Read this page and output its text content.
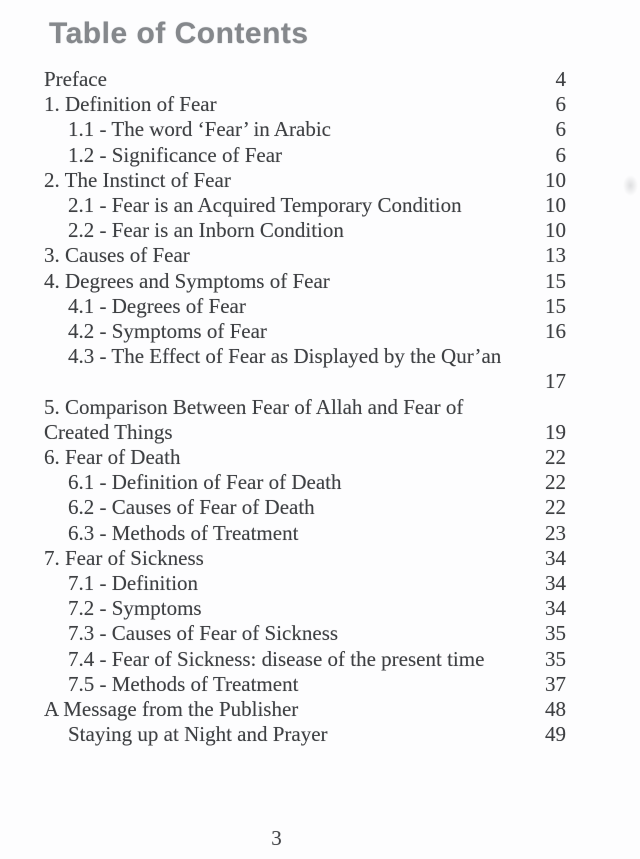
Table of Contents
Preface	4
1. Definition of Fear	6
1.1 - The word ‘Fear’ in Arabic	6
1.2 - Significance of Fear	6
2. The Instinct of Fear	10
2.1 - Fear is an Acquired Temporary Condition	10
2.2 - Fear is an Inborn Condition	10
3. Causes of Fear	13
4. Degrees and Symptoms of Fear	15
4.1 - Degrees of Fear	15
4.2 - Symptoms of Fear	16
4.3 - The Effect of Fear as Displayed by the Qur’an
17
5. Comparison Between Fear of Allah and Fear of
Created Things	19
6. Fear of Death	22
6.1 - Definition of Fear of Death	22
6.2 - Causes of Fear of Death	22
6.3 - Methods of Treatment	23
7. Fear of Sickness	34
7.1 - Definition	34
7.2 - Symptoms	34
7.3 - Causes of Fear of Sickness	35
7.4 - Fear of Sickness: disease of the present time	35
7.5 - Methods of Treatment	37
A Message from the Publisher	48
Staying up at Night and Prayer	49
3
